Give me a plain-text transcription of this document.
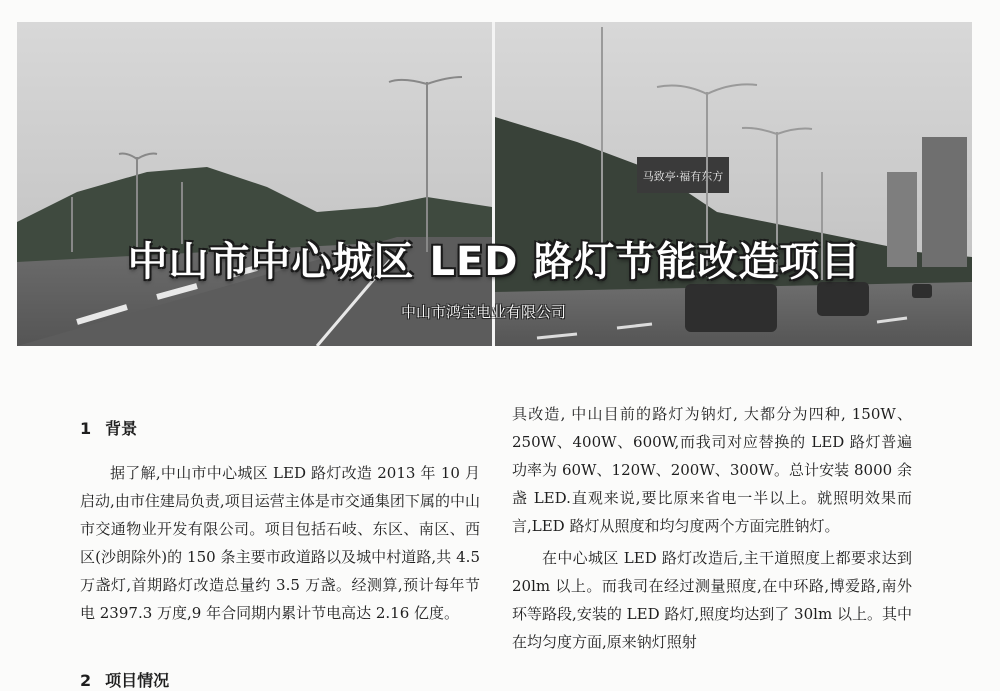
马致亭·福有东方
中山市中心城区 LED 路灯节能改造项目
中山市鸿宝电业有限公司
1 背景

据了解,中山市中心城区 LED 路灯改造 2013 年 10 月启动,由市住建局负责,项目运营主体是市交通集团下属的中山市交通物业开发有限公司。项目包括石岐、东区、南区、西区(沙朗除外)的 150 条主要市政道路以及城中村道路,共 4.5 万盏灯,首期路灯改造总量约 3.5 万盏。经测算,预计每年节电 2397.3 万度,9 年合同期内累计节电高达 2.16 亿度。

2 项目情况

具改造, 中山目前的路灯为钠灯, 大都分为四种, 150W、250W、400W、600W,而我司对应替换的 LED 路灯普遍功率为 60W、120W、200W、300W。总计安装 8000 余盏 LED.直观来说,要比原来省电一半以上。就照明效果而言,LED 路灯从照度和均匀度两个方面完胜钠灯。

在中心城区 LED 路灯改造后,主干道照度上都要求达到 20lm 以上。而我司在经过测量照度,在中环路,博爱路,南外环等路段,安装的 LED 路灯,照度均达到了 30lm 以上。其中在均匀度方面,原来钠灯照射
